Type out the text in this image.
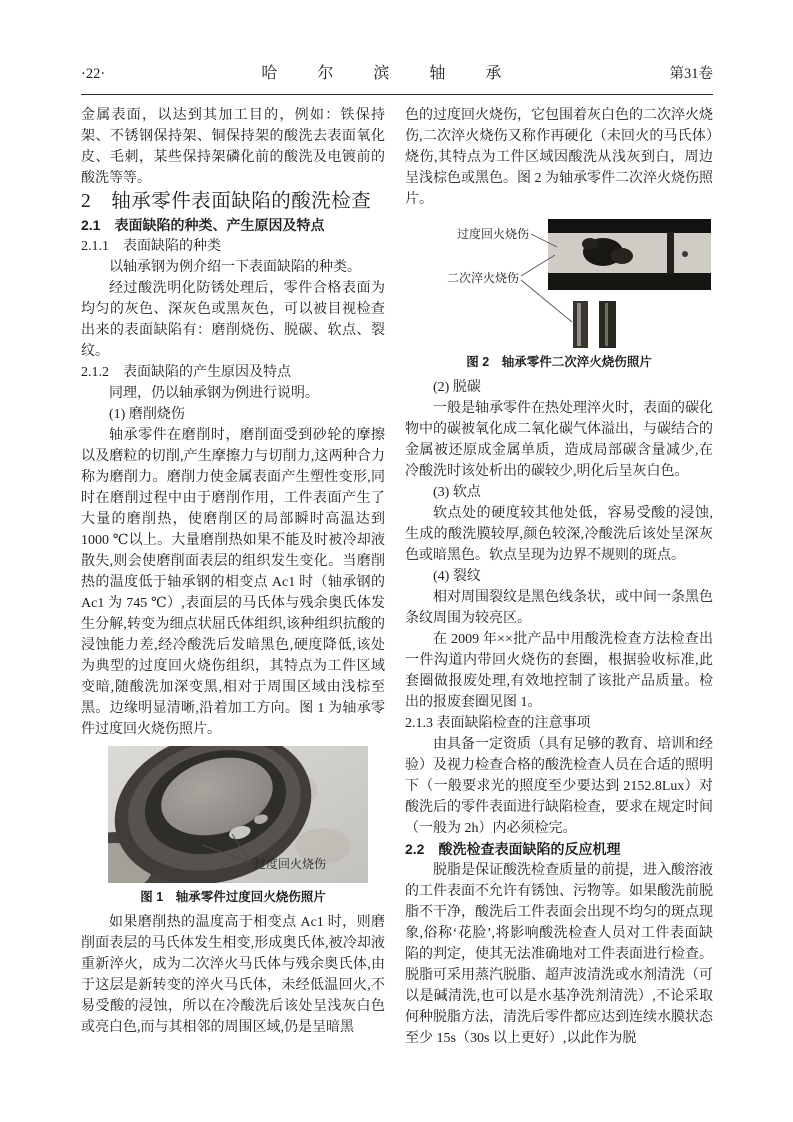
·22·	哈　尔　滨　轴　承	第31卷

金属表面，以达到其加工目的，例如：铁保持架、不锈钢保持架、铜保持架的酸洗去表面氧化皮、毛刺，某些保持架磷化前的酸洗及电镀前的酸洗等等。

2　轴承零件表面缺陷的酸洗检查

2.1　表面缺陷的种类、产生原因及特点

2.1.1　表面缺陷的种类

以轴承钢为例介绍一下表面缺陷的种类。

经过酸洗明化防锈处理后，零件合格表面为均匀的灰色、深灰色或黑灰色，可以被目视检查出来的表面缺陷有：磨削烧伤、脱碳、软点、裂纹。

2.1.2　表面缺陷的产生原因及特点

同理，仍以轴承钢为例进行说明。

(1) 磨削烧伤

轴承零件在磨削时，磨削面受到砂轮的摩擦以及磨粒的切削,产生摩擦力与切削力,这两种合力称为磨削力。磨削力使金属表面产生塑性变形,同时在磨削过程中由于磨削作用，工件表面产生了大量的磨削热，使磨削区的局部瞬时高温达到1000 ℃以上。大量磨削热如果不能及时被冷却液散失,则会使磨削面表层的组织发生变化。当磨削热的温度低于轴承钢的相变点 Ac1 时（轴承钢的 Ac1 为 745 ℃）,表面层的马氏体与残余奥氏体发生分解,转变为细点状屈氏体组织,该种组织抗酸的浸蚀能力差,经冷酸洗后发暗黑色,硬度降低,该处为典型的过度回火烧伤组织，其特点为工件区域变暗,随酸洗加深变黑,相对于周围区域由浅棕至黑。边缘明显清晰,沿着加工方向。图 1 为轴承零件过度回火烧伤照片。

过度回火烧伤
图 1　轴承零件过度回火烧伤照片

如果磨削热的温度高于相变点 Ac1 时，则磨削面表层的马氏体发生相变,形成奥氏体,被冷却液重新淬火，成为二次淬火马氏体与残余奥氏体,由于这层是新转变的淬火马氏体，未经低温回火,不易受酸的浸蚀，所以在冷酸洗后该处呈浅灰白色或亮白色,而与其相邻的周围区域,仍是呈暗黑

色的过度回火烧伤，它包围着灰白色的二次淬火烧伤,二次淬火烧伤又称作再硬化（未回火的马氏体）烧伤,其特点为工件区域因酸洗从浅灰到白，周边呈浅棕色或黑色。图 2 为轴承零件二次淬火烧伤照片。

过度回火烧伤
二次淬火烧伤
图 2　轴承零件二次淬火烧伤照片

(2) 脱碳

一般是轴承零件在热处理淬火时，表面的碳化物中的碳被氧化成二氧化碳气体溢出，与碳结合的金属被还原成金属单质，造成局部碳含量减少,在冷酸洗时该处析出的碳较少,明化后呈灰白色。

(3) 软点

软点处的硬度较其他处低，容易受酸的浸蚀,生成的酸洗膜较厚,颜色较深,冷酸洗后该处呈深灰色或暗黑色。软点呈现为边界不规则的斑点。

(4) 裂纹

相对周围裂纹是黑色线条状，或中间一条黑色条纹周围为较亮区。

在 2009 年××批产品中用酸洗检查方法检查出一件沟道内带回火烧伤的套圈，根据验收标准,此套圈做报废处理,有效地控制了该批产品质量。检出的报废套圈见图 1。

2.1.3 表面缺陷检查的注意事项

由具备一定资质（具有足够的教育、培训和经验）及视力检查合格的酸洗检查人员在合适的照明下（一般要求光的照度至少要达到 2152.8Lux）对酸洗后的零件表面进行缺陷检查，要求在规定时间（一般为 2h）内必须检完。

2.2　酸洗检查表面缺陷的反应机理

脱脂是保证酸洗检查质量的前提，进入酸溶液的工件表面不允许有锈蚀、污物等。如果酸洗前脱脂不干净，酸洗后工件表面会出现不均匀的斑点现象,俗称‘花脸’,将影响酸洗检查人员对工件表面缺陷的判定，使其无法准确地对工件表面进行检查。脱脂可采用蒸汽脱脂、超声波清洗或水剂清洗（可以是碱清洗,也可以是水基净洗剂清洗）,不论采取何种脱脂方法，清洗后零件都应达到连续水膜状态至少 15s（30s 以上更好）,以此作为脱
